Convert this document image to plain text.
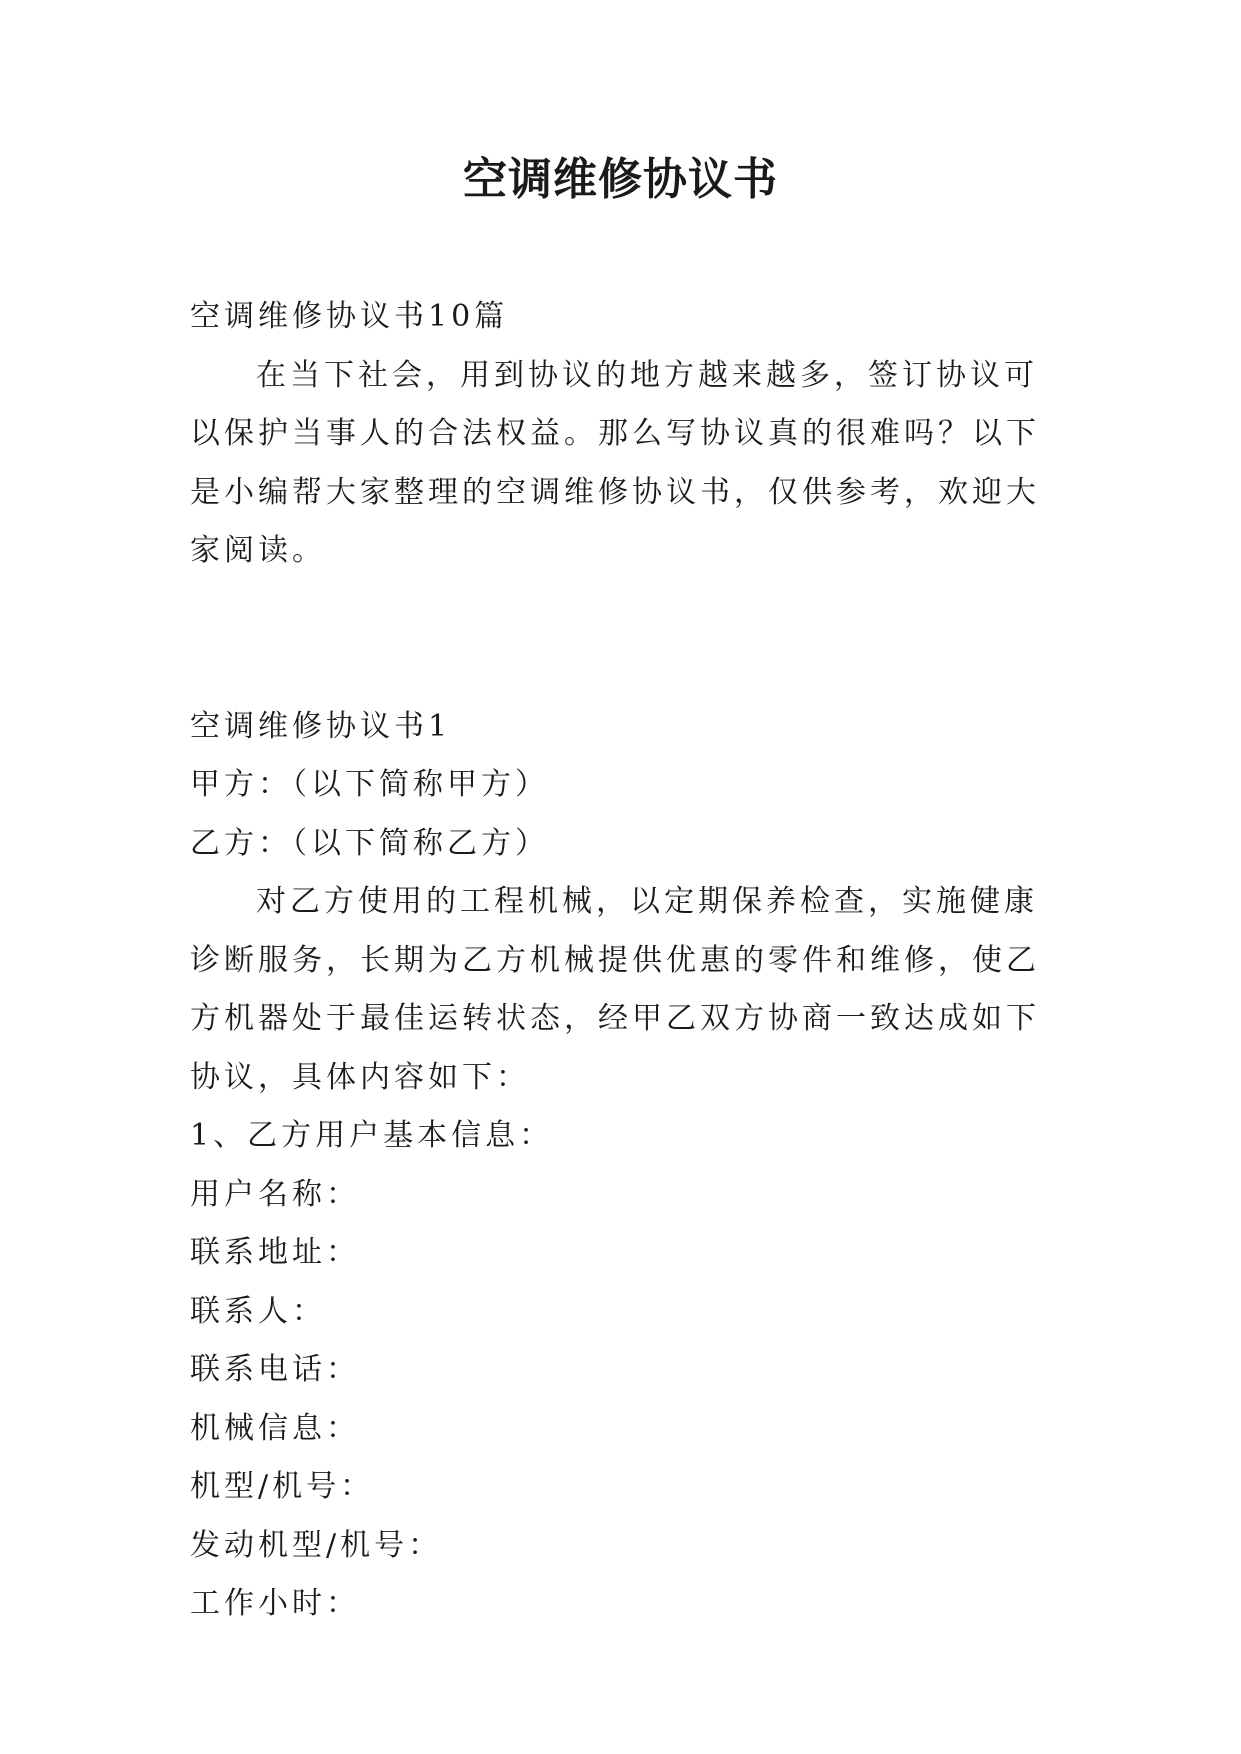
空调维修协议书

空调维修协议书10篇

在当下社会，用到协议的地方越来越多，签订协议可以保护当事人的合法权益。那么写协议真的很难吗？以下是小编帮大家整理的空调维修协议书，仅供参考，欢迎大家阅读。

空调维修协议书1

甲方：（以下简称甲方）

乙方：（以下简称乙方）

对乙方使用的工程机械，以定期保养检查，实施健康诊断服务，长期为乙方机械提供优惠的零件和维修，使乙方机器处于最佳运转状态，经甲乙双方协商一致达成如下协议，具体内容如下：

1、乙方用户基本信息：

用户名称：

联系地址：

联系人：

联系电话：

机械信息：

机型/机号：

发动机型/机号：

工作小时：
